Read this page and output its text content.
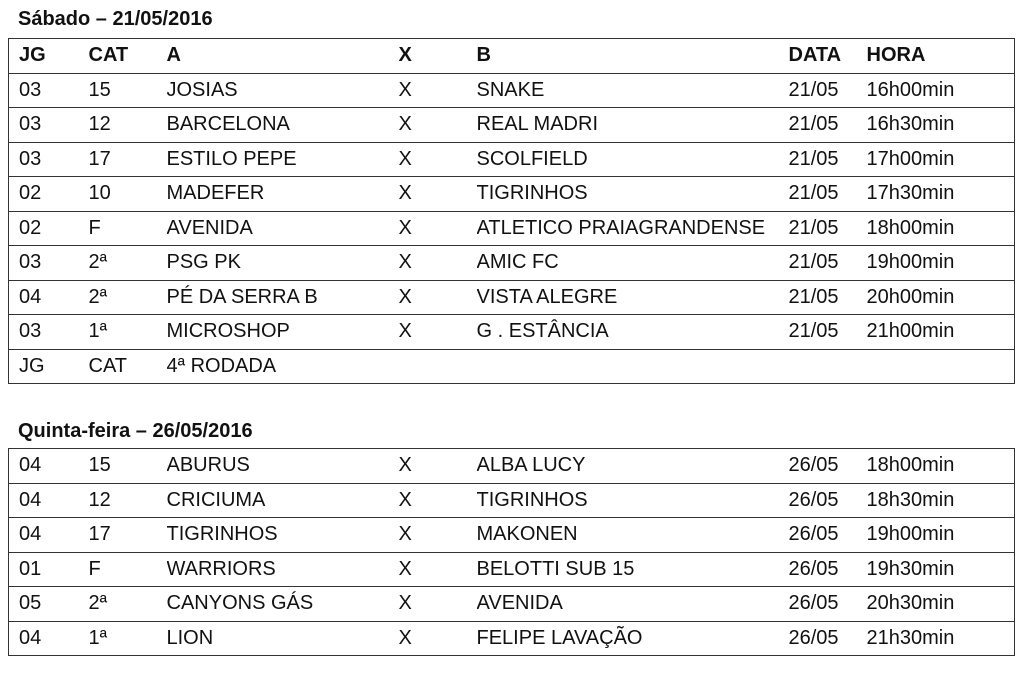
Sábado – 21/05/2016
JG	CAT	A	X	B	DATA	HORA
03	15	JOSIAS	X	SNAKE	21/05	16h00min
03	12	BARCELONA	X	REAL MADRI	21/05	16h30min
03	17	ESTILO PEPE	X	SCOLFIELD	21/05	17h00min
02	10	MADEFER	X	TIGRINHOS	21/05	17h30min
02	F	AVENIDA	X	ATLETICO PRAIAGRANDENSE	21/05	18h00min
03	2ª	PSG PK	X	AMIC FC	21/05	19h00min
04	2ª	PÉ DA SERRA B	X	VISTA ALEGRE	21/05	20h00min
03	1ª	MICROSHOP	X	G . ESTÂNCIA	21/05	21h00min
JG	CAT	4ª RODADA				
Quinta-feira – 26/05/2016
04	15	ABURUS	X	ALBA LUCY	26/05	18h00min
04	12	CRICIUMA	X	TIGRINHOS	26/05	18h30min
04	17	TIGRINHOS	X	MAKONEN	26/05	19h00min
01	F	WARRIORS	X	BELOTTI SUB 15	26/05	19h30min
05	2ª	CANYONS GÁS	X	AVENIDA	26/05	20h30min
04	1ª	LION	X	FELIPE LAVAÇÃO	26/05	21h30min
